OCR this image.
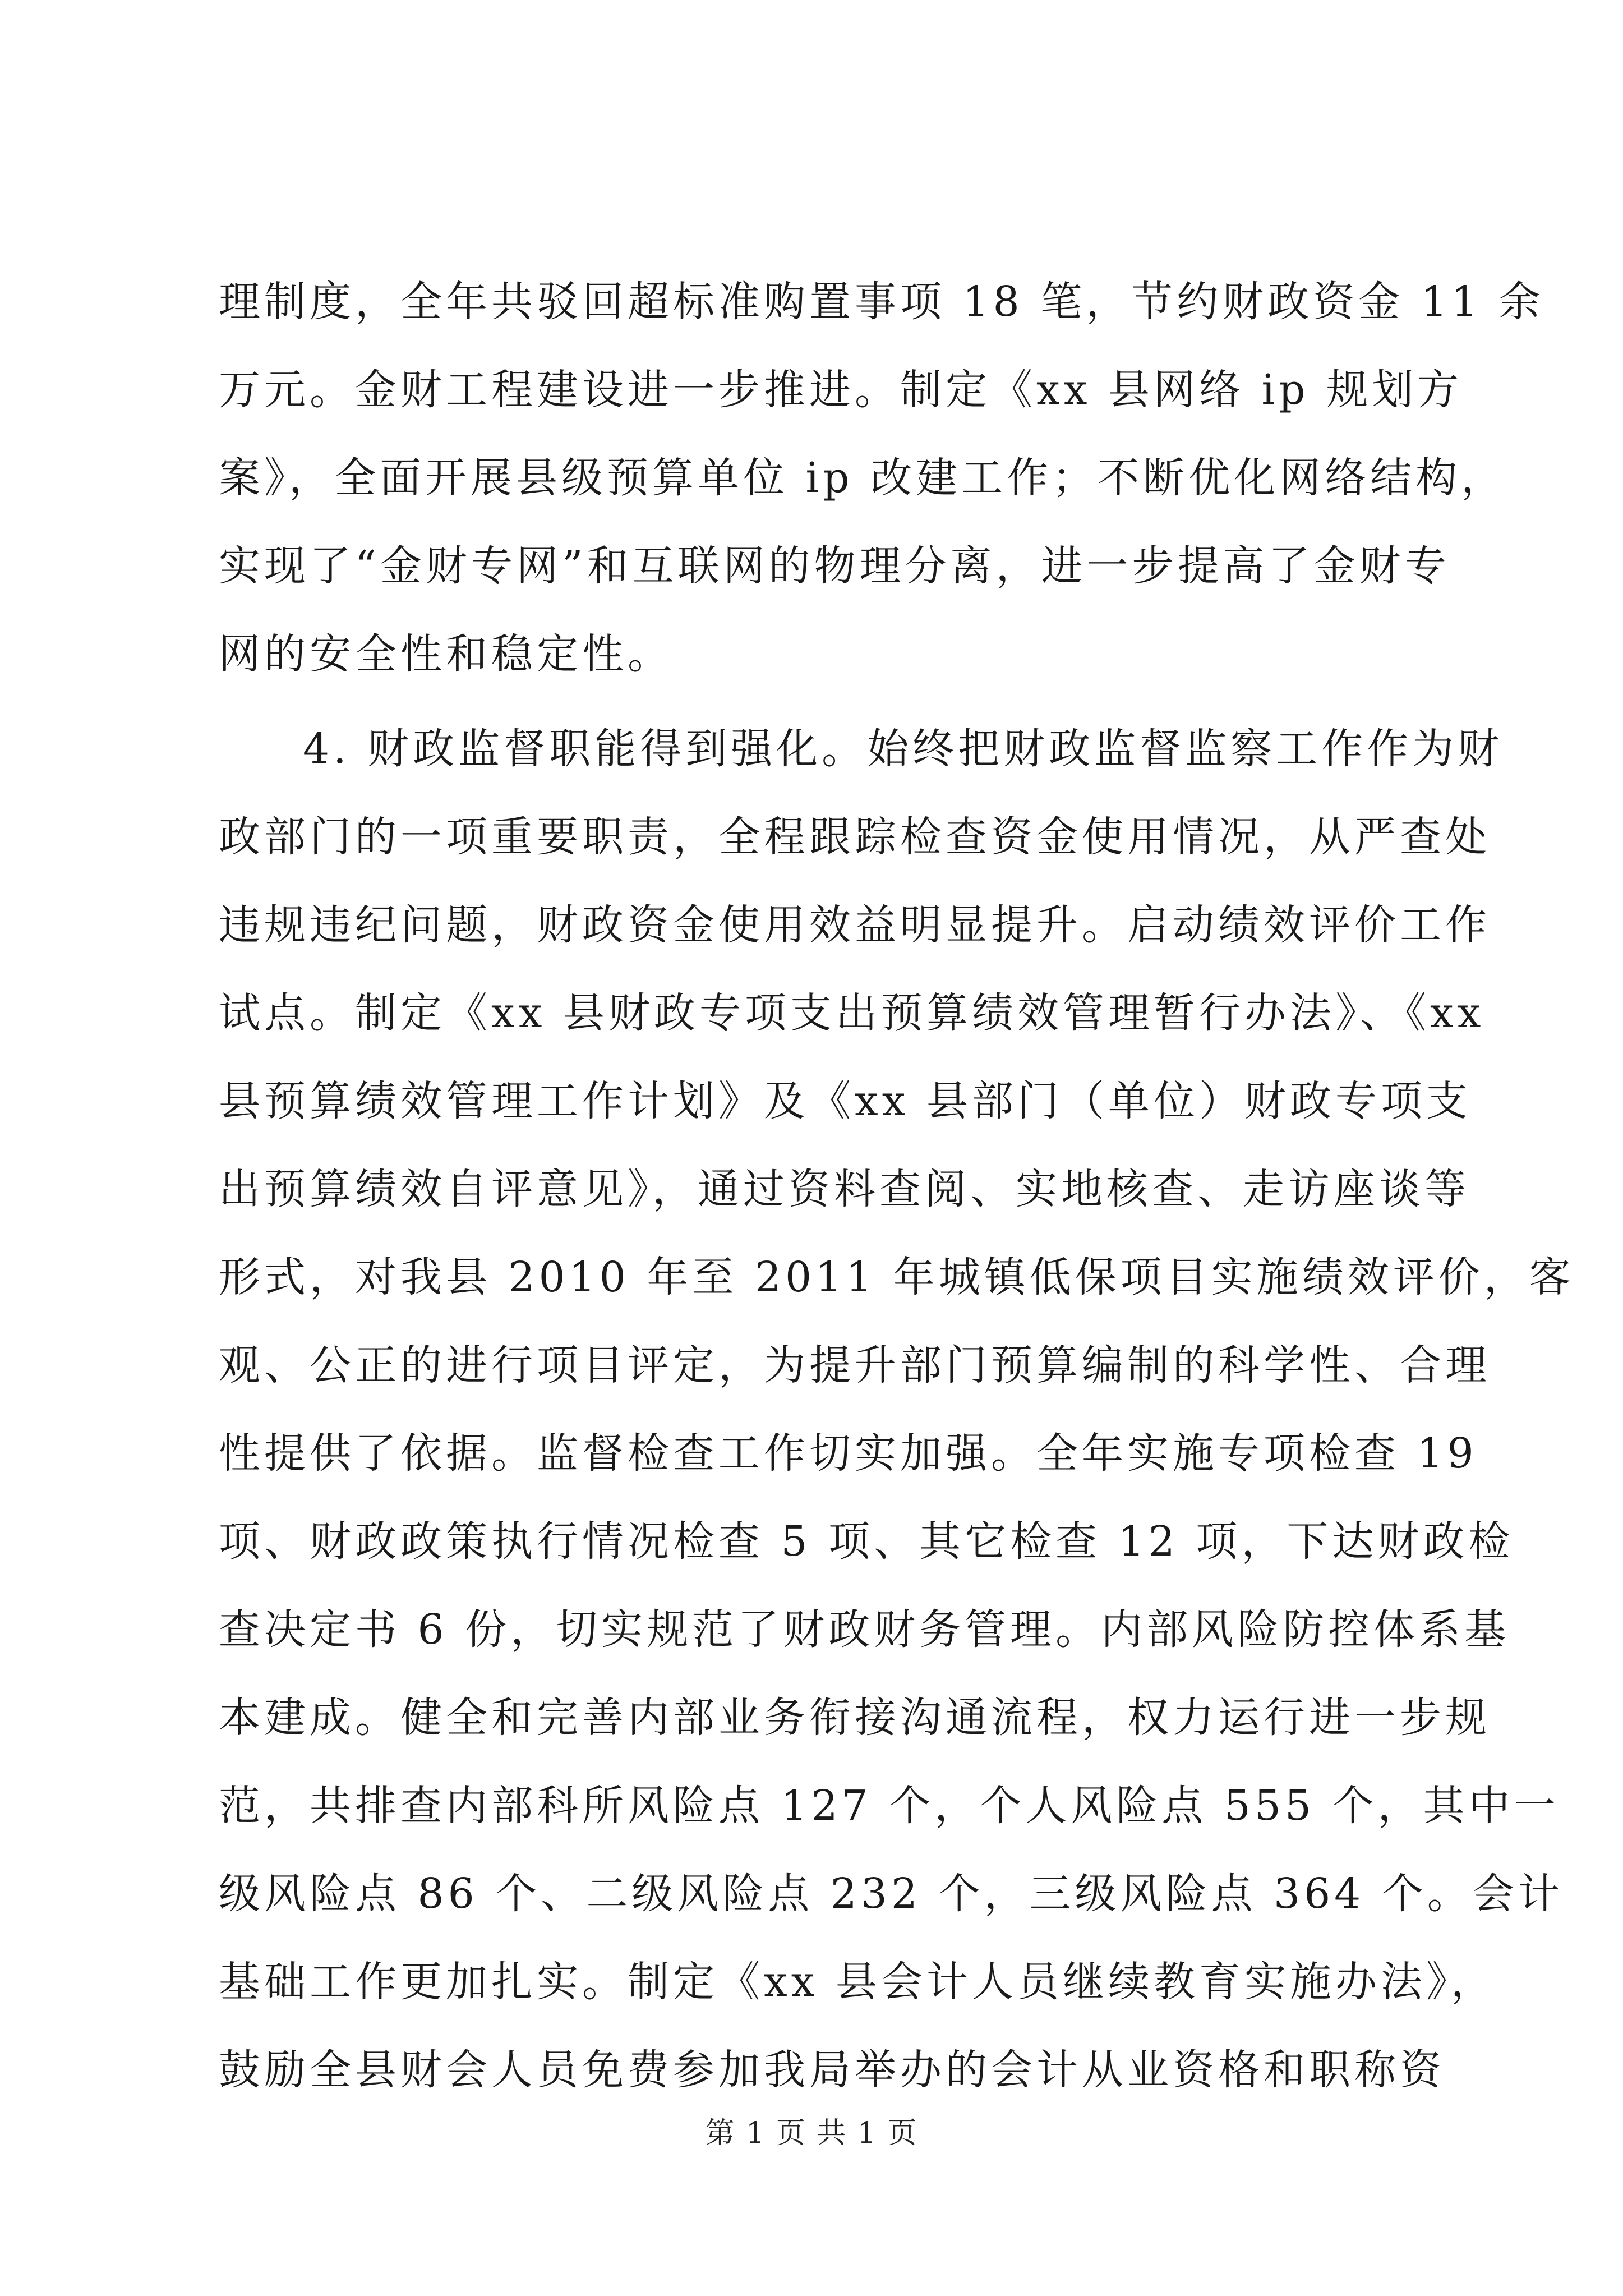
理制度，全年共驳回超标准购置事项 18 笔，节约财政资金 11 余
万元。金财工程建设进一步推进。制定《xx 县网络 ip 规划方
案》，全面开展县级预算单位 ip 改建工作；不断优化网络结构，
实现了“金财专网”和互联网的物理分离，进一步提高了金财专
网的安全性和稳定性。
4. 财政监督职能得到强化。始终把财政监督监察工作作为财
政部门的一项重要职责，全程跟踪检查资金使用情况，从严查处
违规违纪问题，财政资金使用效益明显提升。启动绩效评价工作
试点。制定《xx 县财政专项支出预算绩效管理暂行办法》、《xx
县预算绩效管理工作计划》及《xx 县部门（单位）财政专项支
出预算绩效自评意见》，通过资料查阅、实地核查、走访座谈等
形式，对我县 2010 年至 2011 年城镇低保项目实施绩效评价，客
观、公正的进行项目评定，为提升部门预算编制的科学性、合理
性提供了依据。监督检查工作切实加强。全年实施专项检查 19
项、财政政策执行情况检查 5 项、其它检查 12 项，下达财政检
查决定书 6 份，切实规范了财政财务管理。内部风险防控体系基
本建成。健全和完善内部业务衔接沟通流程，权力运行进一步规
范，共排查内部科所风险点 127 个，个人风险点 555 个，其中一
级风险点 86 个、二级风险点 232 个，三级风险点 364 个。会计
基础工作更加扎实。制定《xx 县会计人员继续教育实施办法》，
鼓励全县财会人员免费参加我局举办的会计从业资格和职称资
第 1 页 共 1 页
